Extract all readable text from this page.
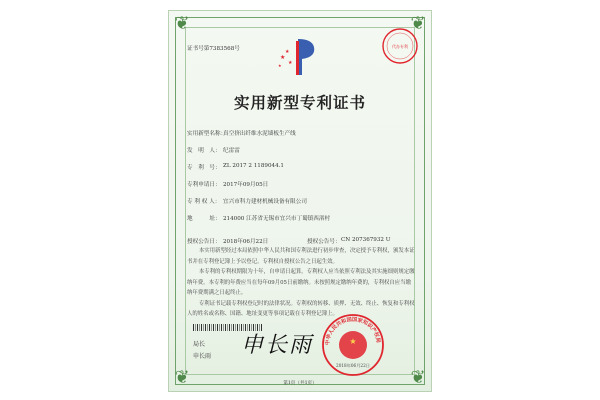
❦	❦
❦	❦
证书号第7383568号
★
★
★
★
代办专利
实用新型专利证书
实用新型名称：
真空挤出纤维水泥墙板生产线
发　明　人： 纪雷雷
专　利　号： ZL 2017 2 1189044.1
专利申请日： 2017年09月05日
专 利 权 人： 宜兴市科力建材机械设备有限公司
地　　　址： 214000 江苏省无锡市宜兴市丁蜀镇西渚村
授权公告日： 2018年06月22日	授权公告号： CN 207367932 U

本实用新型经过本局依照中华人民共和国专利法进行初步审查，决定授予专利权，颁发本证书并在专利登记簿上予以登记。专利权自授权公告之日起生效。

本专利的专利权期限为十年，自申请日起算。专利权人应当依照专利法及其实施细则规定缴纳年费。本专利的年费应当在每年09月05日前缴纳。未按照规定缴纳年费的，专利权自应当缴纳年费期满之日起终止。

专利证书记载专利权登记时的法律状况。专利权的转移、质押、无效、终止、恢复和专利权人的姓名或名称、国籍、地址变更等事项记载在专利登记簿上。

局长
申长雨 申长雨	中华人民共和国国家知识产权局
★
2018年06月22日
第1页（共1页）
